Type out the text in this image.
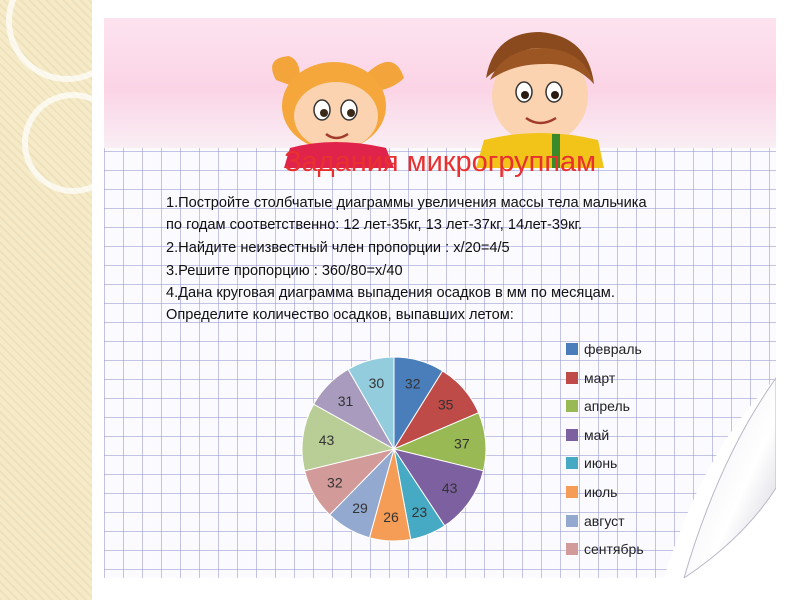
Задания микрогруппам
1.Постройте столбчатые диаграммы увеличения массы тела мальчика
по годам соответственно: 12 лет-35кг, 13 лет-37кг, 14лет-39кг.
2.Найдите неизвестный член пропорции : х/20=4/5
3.Решите пропорцию : 360/80=х/40
4.Дана круговая диаграмма выпадения осадков в мм по месяцам.
Определите количество осадков, выпавших летом:
32
35
37
43
23
26
29
32
43
31
30
февраль
март
апрель
май
июнь
июль
август
сентябрь
